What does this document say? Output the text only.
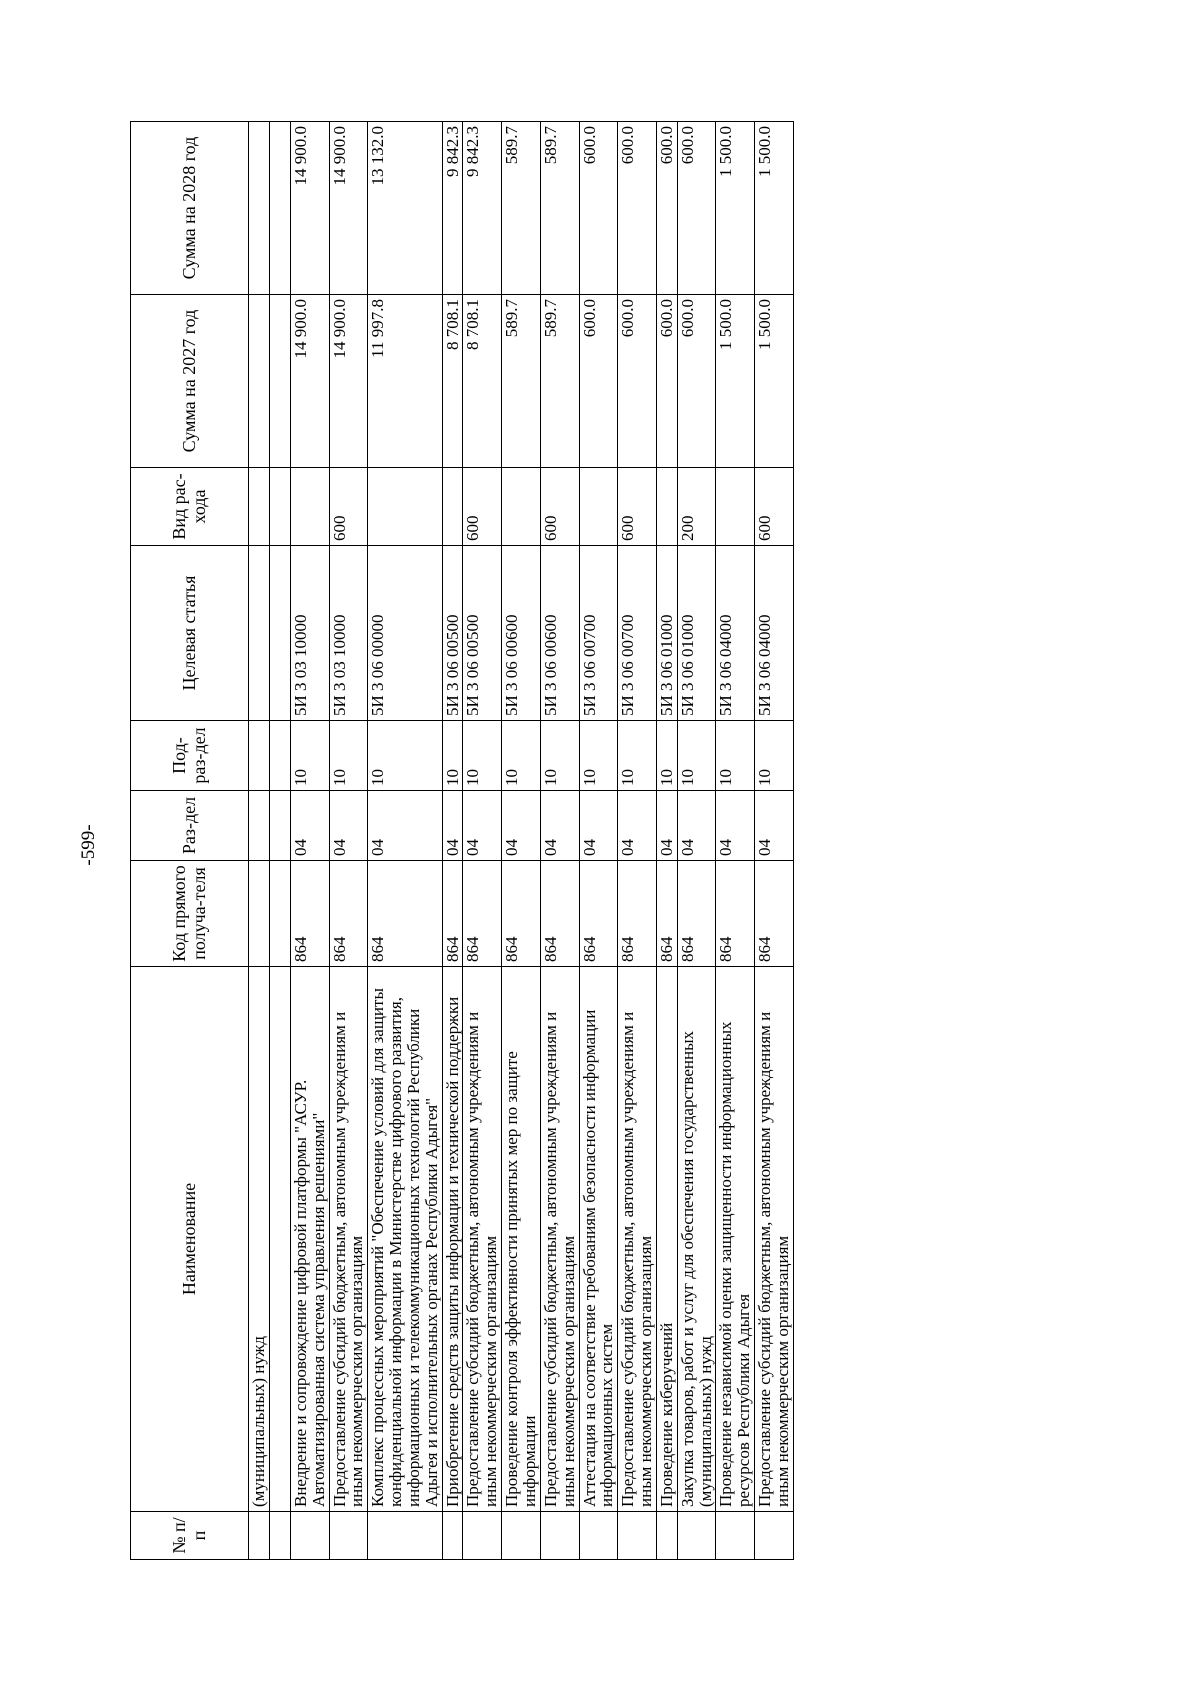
-599-
№ п/п	Наименование	Код прямого получа-теля	Раз-дел	Под-раз-дел	Целевая статья	Вид рас-хода	Сумма на 2027 год	Сумма на 2028 год
	(муниципальных) нужд							

	Внедрение и сопровождение цифровой платформы "АСУР. Автоматизированная система управления решениями"	864	04	10	5И 3 03 10000		14 900.0	14 900.0
	Предоставление субсидий бюджетным, автономным учреждениям и иным некоммерческим организациям	864	04	10	5И 3 03 10000	600	14 900.0	14 900.0
	Комплекс процессных мероприятий "Обеспечение условий для защиты конфиденциальной информации в Министерстве цифрового развития, информационных и телекоммуникационных технологий Республики Адыгея и исполнительных органах Республики Адыгея"	864	04	10	5И 3 06 00000		11 997.8	13 132.0
	Приобретение средств защиты информации и технической поддержки	864	04	10	5И 3 06 00500		8 708.1	9 842.3
	Предоставление субсидий бюджетным, автономным учреждениям и иным некоммерческим организациям	864	04	10	5И 3 06 00500	600	8 708.1	9 842.3
	Проведение контроля эффективности принятых мер по защите информации	864	04	10	5И 3 06 00600		589.7	589.7
	Предоставление субсидий бюджетным, автономным учреждениям и иным некоммерческим организациям	864	04	10	5И 3 06 00600	600	589.7	589.7
	Аттестация на соответствие требованиям безопасности информации информационных систем	864	04	10	5И 3 06 00700		600.0	600.0
	Предоставление субсидий бюджетным, автономным учреждениям и иным некоммерческим организациям	864	04	10	5И 3 06 00700	600	600.0	600.0
	Проведение киберучений	864	04	10	5И 3 06 01000		600.0	600.0
	Закупка товаров, работ и услуг для обеспечения государственных (муниципальных) нужд	864	04	10	5И 3 06 01000	200	600.0	600.0
	Проведение независимой оценки защищенности информационных ресурсов Республики Адыгея	864	04	10	5И 3 06 04000		1 500.0	1 500.0
	Предоставление субсидий бюджетным, автономным учреждениям и иным некоммерческим организациям	864	04	10	5И 3 06 04000	600	1 500.0	1 500.0
